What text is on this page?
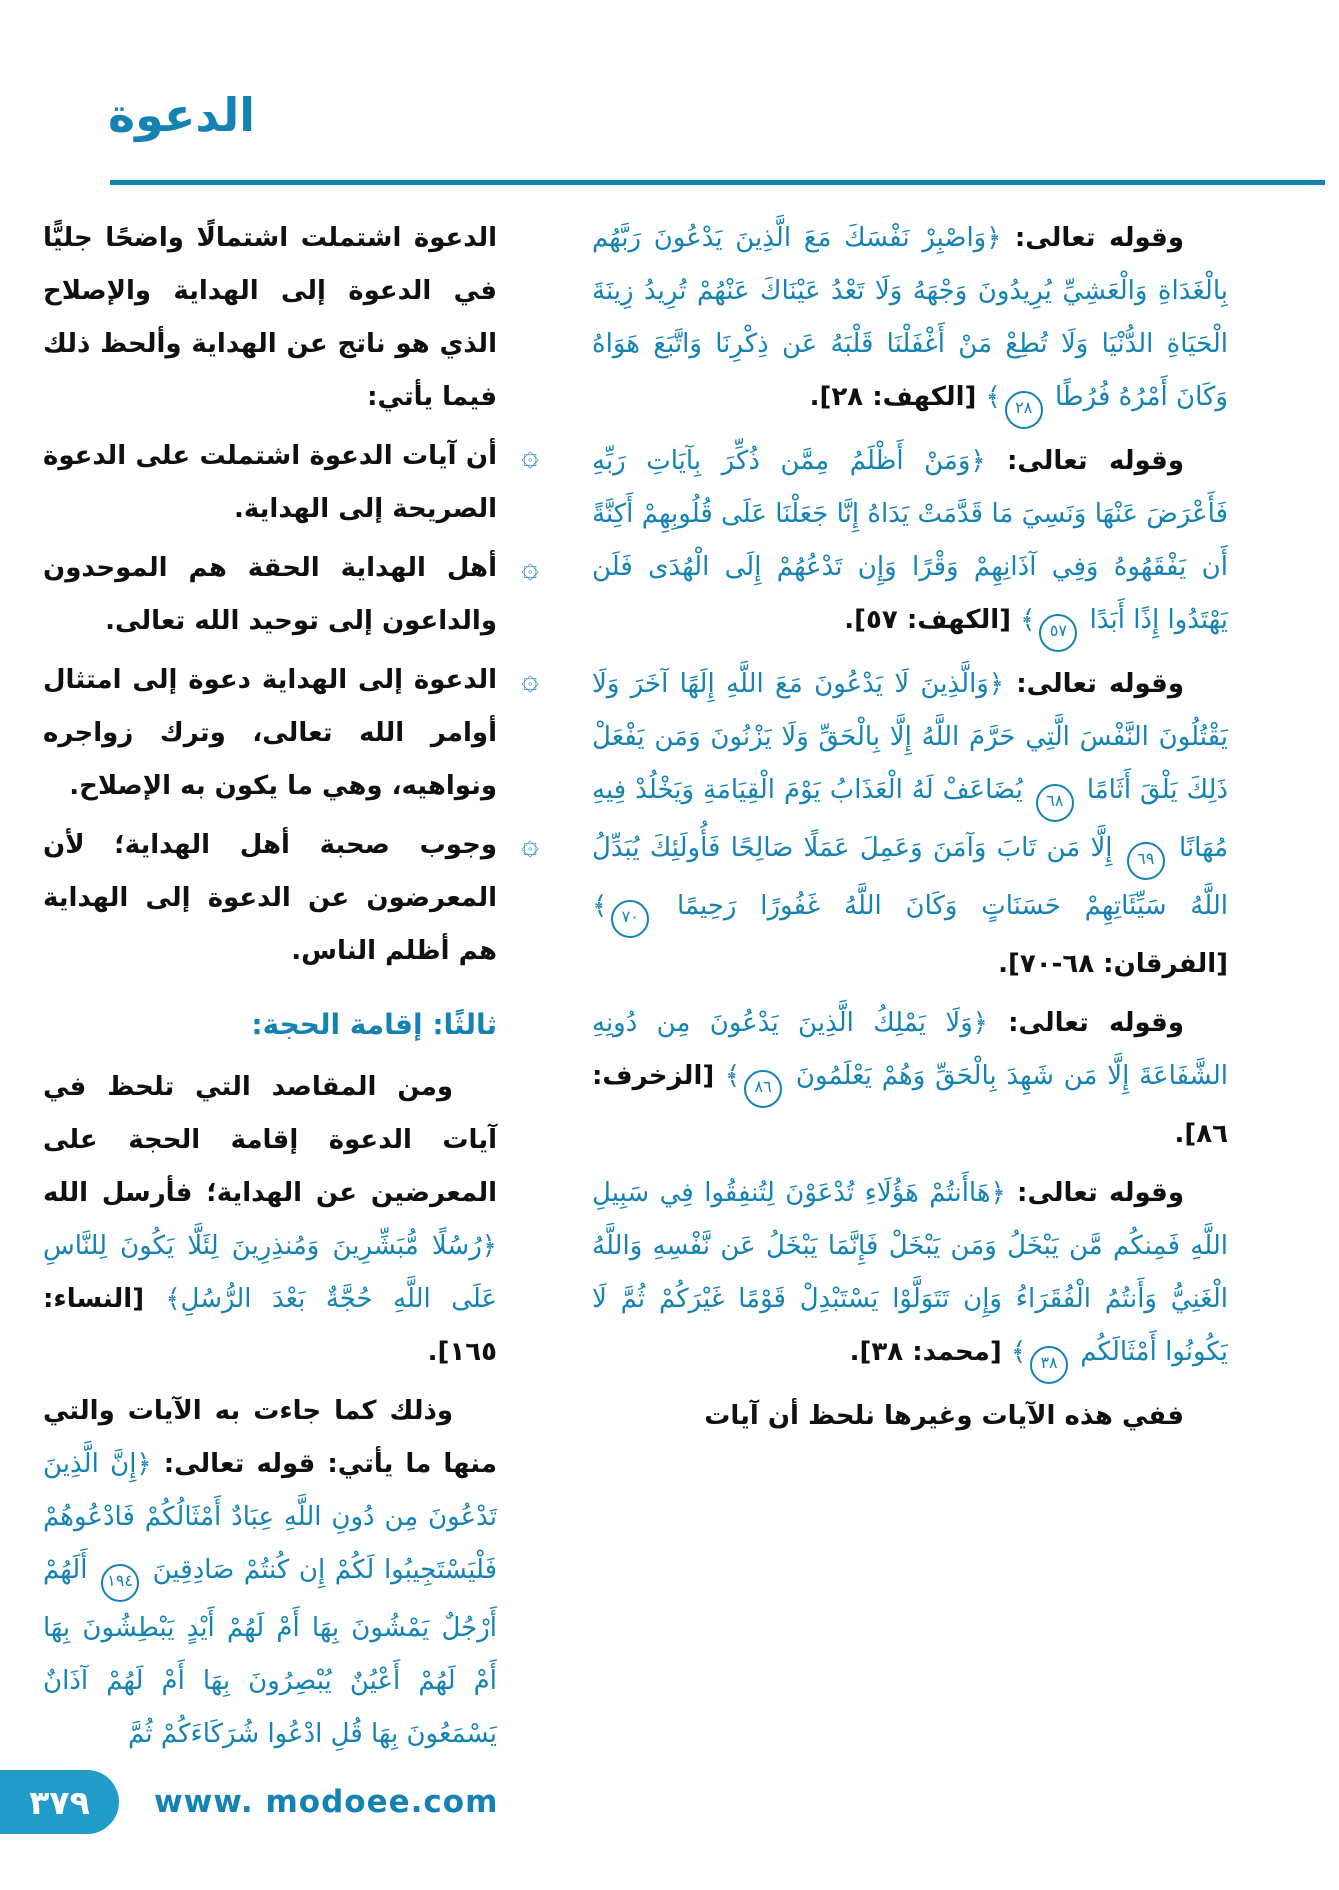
الدعوة

وقوله تعالى: ﴿وَاصْبِرْ نَفْسَكَ مَعَ الَّذِينَ يَدْعُونَ رَبَّهُم بِالْغَدَاةِ وَالْعَشِيِّ يُرِيدُونَ وَجْهَهُ وَلَا تَعْدُ عَيْنَاكَ عَنْهُمْ تُرِيدُ زِينَةَ الْحَيَاةِ الدُّنْيَا وَلَا تُطِعْ مَنْ أَغْفَلْنَا قَلْبَهُ عَن ذِكْرِنَا وَاتَّبَعَ هَوَاهُ وَكَانَ أَمْرُهُ فُرُطًا ٢٨﴾ [الكهف: ٢٨].

وقوله تعالى: ﴿وَمَنْ أَظْلَمُ مِمَّن ذُكِّرَ بِآيَاتِ رَبِّهِ فَأَعْرَضَ عَنْهَا وَنَسِيَ مَا قَدَّمَتْ يَدَاهُ إِنَّا جَعَلْنَا عَلَى قُلُوبِهِمْ أَكِنَّةً أَن يَفْقَهُوهُ وَفِي آذَانِهِمْ وَقْرًا وَإِن تَدْعُهُمْ إِلَى الْهُدَى فَلَن يَهْتَدُوا إِذًا أَبَدًا ٥٧﴾ [الكهف: ٥٧].

وقوله تعالى: ﴿وَالَّذِينَ لَا يَدْعُونَ مَعَ اللَّهِ إِلَهًا آخَرَ وَلَا يَقْتُلُونَ النَّفْسَ الَّتِي حَرَّمَ اللَّهُ إِلَّا بِالْحَقِّ وَلَا يَزْنُونَ وَمَن يَفْعَلْ ذَلِكَ يَلْقَ أَثَامًا ٦٨ يُضَاعَفْ لَهُ الْعَذَابُ يَوْمَ الْقِيَامَةِ وَيَخْلُدْ فِيهِ مُهَانًا ٦٩ إِلَّا مَن تَابَ وَآمَنَ وَعَمِلَ عَمَلًا صَالِحًا فَأُولَئِكَ يُبَدِّلُ اللَّهُ سَيِّئَاتِهِمْ حَسَنَاتٍ وَكَانَ اللَّهُ غَفُورًا رَحِيمًا ٧٠﴾ [الفرقان: ٦٨-٧٠].

وقوله تعالى: ﴿وَلَا يَمْلِكُ الَّذِينَ يَدْعُونَ مِن دُونِهِ الشَّفَاعَةَ إِلَّا مَن شَهِدَ بِالْحَقِّ وَهُمْ يَعْلَمُونَ ٨٦﴾ [الزخرف: ٨٦].

وقوله تعالى: ﴿هَاأَنتُمْ هَؤُلَاءِ تُدْعَوْنَ لِتُنفِقُوا فِي سَبِيلِ اللَّهِ فَمِنكُم مَّن يَبْخَلُ وَمَن يَبْخَلْ فَإِنَّمَا يَبْخَلُ عَن نَّفْسِهِ وَاللَّهُ الْغَنِيُّ وَأَنتُمُ الْفُقَرَاءُ وَإِن تَتَوَلَّوْا يَسْتَبْدِلْ قَوْمًا غَيْرَكُمْ ثُمَّ لَا يَكُونُوا أَمْثَالَكُم ٣٨﴾ [محمد: ٣٨].

ففي هذه الآيات وغيرها نلحظ أن آيات

الدعوة اشتملت اشتمالًا واضحًا جليًّا في الدعوة إلى الهداية والإصلاح الذي هو ناتج عن الهداية وألحظ ذلك فيما يأتي:

۞
أن آيات الدعوة اشتملت على الدعوة الصريحة إلى الهداية.

۞
أهل الهداية الحقة هم الموحدون والداعون إلى توحيد الله تعالى.

۞
الدعوة إلى الهداية دعوة إلى امتثال أوامر الله تعالى، وترك زواجره ونواهيه، وهي ما يكون به الإصلاح.

۞
وجوب صحبة أهل الهداية؛ لأن المعرضون عن الدعوة إلى الهداية هم أظلم الناس.

ثالثًا: إقامة الحجة:

ومن المقاصد التي تلحظ في آيات الدعوة إقامة الحجة على المعرضين عن الهداية؛ فأرسل الله ﴿رُسُلًا مُّبَشِّرِينَ وَمُنذِرِينَ لِئَلَّا يَكُونَ لِلنَّاسِ عَلَى اللَّهِ حُجَّةٌ بَعْدَ الرُّسُلِ﴾ [النساء: ١٦٥].

وذلك كما جاءت به الآيات والتي منها ما يأتي: قوله تعالى: ﴿إِنَّ الَّذِينَ تَدْعُونَ مِن دُونِ اللَّهِ عِبَادٌ أَمْثَالُكُمْ فَادْعُوهُمْ فَلْيَسْتَجِيبُوا لَكُمْ إِن كُنتُمْ صَادِقِينَ ١٩٤ أَلَهُمْ أَرْجُلٌ يَمْشُونَ بِهَا أَمْ لَهُمْ أَيْدٍ يَبْطِشُونَ بِهَا أَمْ لَهُمْ أَعْيُنٌ يُبْصِرُونَ بِهَا أَمْ لَهُمْ آذَانٌ يَسْمَعُونَ بِهَا قُلِ ادْعُوا شُرَكَاءَكُمْ ثُمَّ

٣٧٩ www. modoee.com
